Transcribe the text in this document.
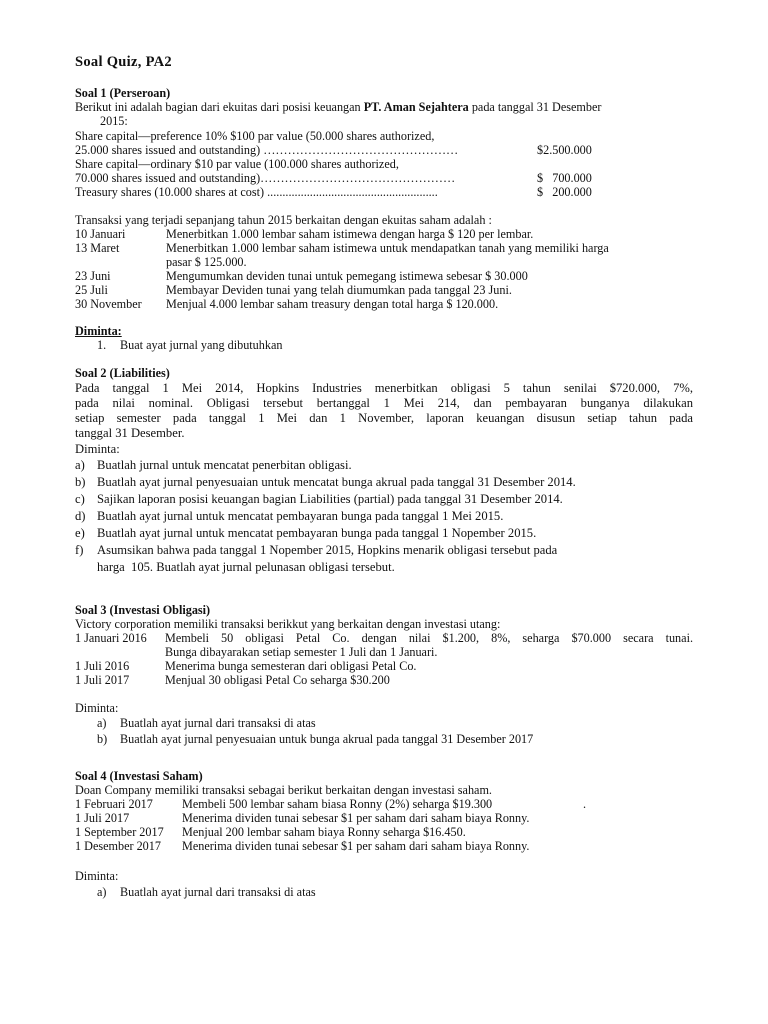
Soal Quiz, PA2
Soal 1 (Perseroan)
Berikut ini adalah bagian dari ekuitas dari posisi keuangan PT. Aman Sejahtera pada tanggal 31 Desember
2015:
Share capital—preference 10% $100 par value (50.000 shares authorized,
25.000 shares issued and outstanding) …………………………………………	$2.500.000
Share capital—ordinary $10 par value (100.000 shares authorized,
70.000 shares issued and outstanding)…………………………………………	$   700.000
Treasury shares (10.000 shares at cost) ........................................................	$   200.000
Transaksi yang terjadi sepanjang tahun 2015 berkaitan dengan ekuitas saham adalah :
10 Januari	Menerbitkan 1.000 lembar saham istimewa dengan harga $ 120 per lembar.
13 Maret	Menerbitkan 1.000 lembar saham istimewa untuk mendapatkan tanah yang memiliki harga
pasar $ 125.000.
23 Juni	Mengumumkan deviden tunai untuk pemegang istimewa sebesar $ 30.000
25 Juli	Membayar Deviden tunai yang telah diumumkan pada tanggal 23 Juni.
30 November Menjual 4.000 lembar saham treasury dengan total harga $ 120.000.
Diminta:
1. Buat ayat jurnal yang dibutuhkan
Soal 2 (Liabilities)
Pada tanggal 1 Mei 2014, Hopkins Industries menerbitkan obligasi 5 tahun senilai $720.000, 7%,
pada nilai nominal. Obligasi tersebut bertanggal 1 Mei 214, dan pembayaran bunganya dilakukan
setiap semester pada tanggal 1 Mei dan 1 November, laporan keuangan disusun setiap tahun pada
tanggal 31 Desember.
Diminta:
a) Buatlah jurnal untuk mencatat penerbitan obligasi.
b) Buatlah ayat jurnal penyesuaian untuk mencatat bunga akrual pada tanggal 31 Desember 2014.
c) Sajikan laporan posisi keuangan bagian Liabilities (partial) pada tanggal 31 Desember 2014.
d) Buatlah ayat jurnal untuk mencatat pembayaran bunga pada tanggal 1 Mei 2015.
e) Buatlah ayat jurnal untuk mencatat pembayaran bunga pada tanggal 1 Nopember 2015.
f) Asumsikan bahwa pada tanggal 1 Nopember 2015, Hopkins menarik obligasi tersebut pada
harga  105. Buatlah ayat jurnal pelunasan obligasi tersebut.
Soal 3 (Investasi Obligasi)
Victory corporation memiliki transaksi berikkut yang berkaitan dengan investasi utang:
1 Januari 2016 Membeli 50 obligasi Petal Co. dengan nilai $1.200, 8%, seharga $70.000 secara tunai.
Bunga dibayarakan setiap semester 1 Juli dan 1 Januari.
1 Juli 2016	Menerima bunga semesteran dari obligasi Petal Co.
1 Juli 2017	Menjual 30 obligasi Petal Co seharga $30.200
Diminta:
a) Buatlah ayat jurnal dari transaksi di atas
b) Buatlah ayat jurnal penyesuaian untuk bunga akrual pada tanggal 31 Desember 2017
Soal 4 (Investasi Saham)
Doan Company memiliki transaksi sebagai berikut berkaitan dengan investasi saham.
1 Februari 2017 Membeli 500 lembar saham biasa Ronny (2%) seharga $19.300	.
1 Juli 2017	Menerima dividen tunai sebesar $1 per saham dari saham biaya Ronny.
1 September 2017 Menjual 200 lembar saham biaya Ronny seharga $16.450.
1 Desember 2017 Menerima dividen tunai sebesar $1 per saham dari saham biaya Ronny.
Diminta:
a) Buatlah ayat jurnal dari transaksi di atas
